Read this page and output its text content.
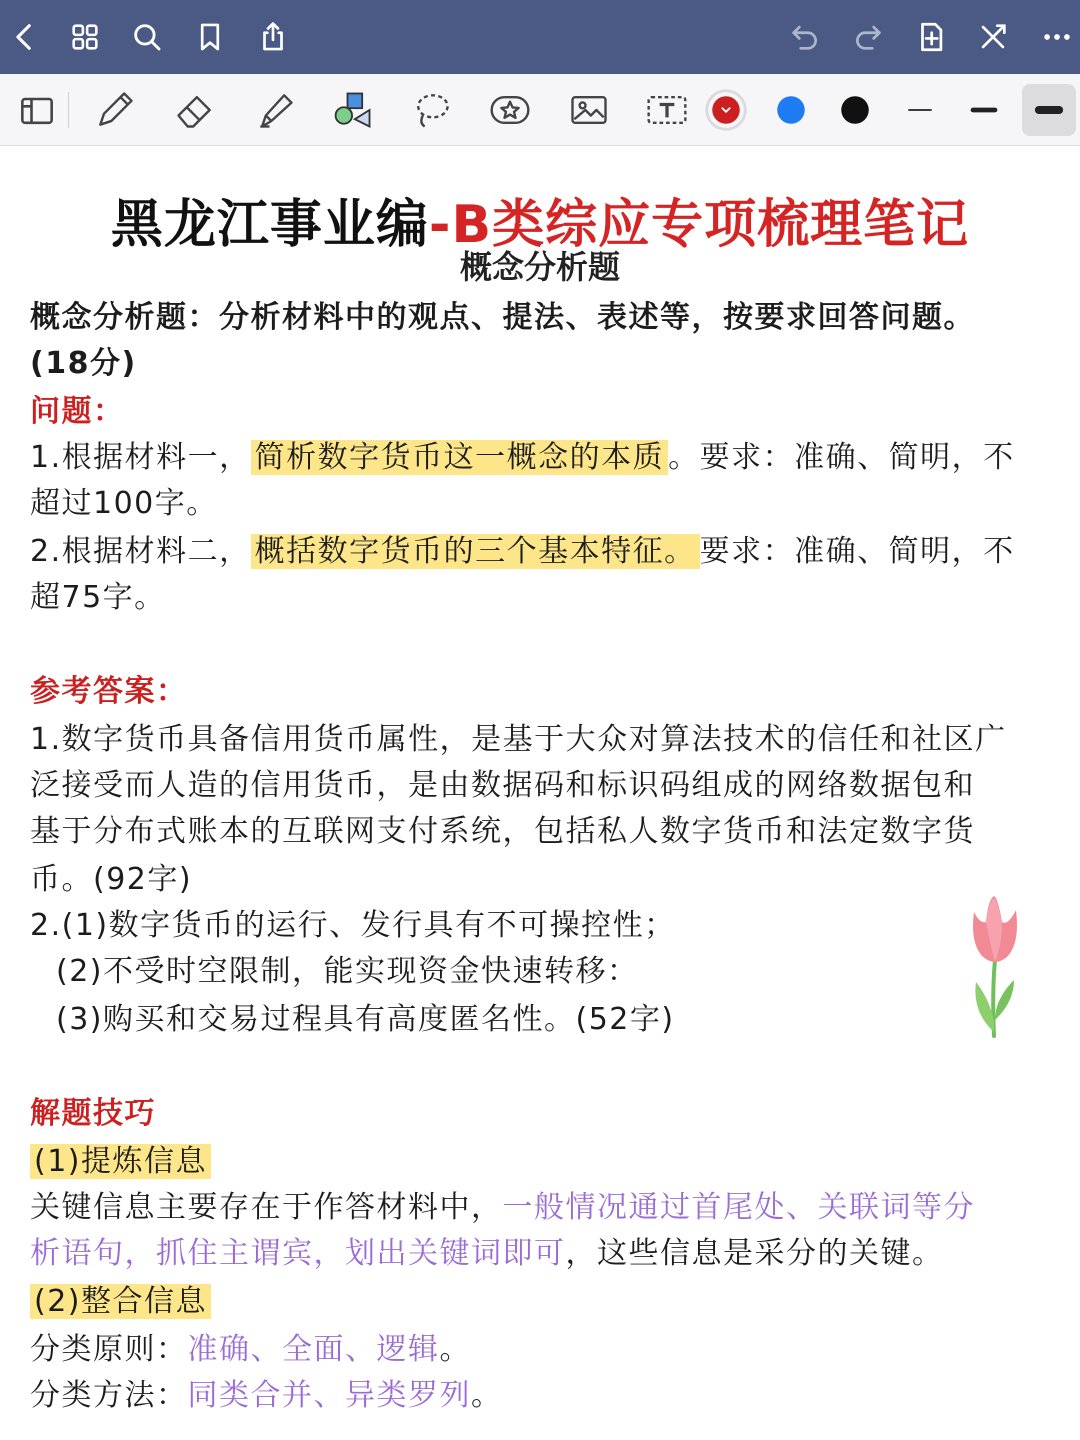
黑龙江事业编-B类综应专项梳理笔记
概念分析题
概念分析题：分析材料中的观点、提法、表述等，按要求回答问题。
(18分)
问题：
1.根据材料一， 简析数字货币这一概念的本质 。要求：准确、简明，不
超过100字。
2.根据材料二， 概括数字货币的三个基本特征。 要求：准确、简明，不
超75字。
参考答案：
1.数字货币具备信用货币属性，是基于大众对算法技术的信任和社区广
泛接受而人造的信用货币，是由数据码和标识码组成的网络数据包和
基于分布式账本的互联网支付系统，包括私人数字货币和法定数字货
币。(92字)
2.(1)数字货币的运行、发行具有不可操控性；
(2)不受时空限制，能实现资金快速转移：
(3)购买和交易过程具有高度匿名性。(52字)
解题技巧
(1)提炼信息
关键信息主要存在于作答材料中，一般情况通过首尾处、关联词等分
析语句，抓住主谓宾，划出关键词即可，这些信息是采分的关键。
(2)整合信息
分类原则：准确、全面、逻辑。
分类方法：同类合并、异类罗列。
